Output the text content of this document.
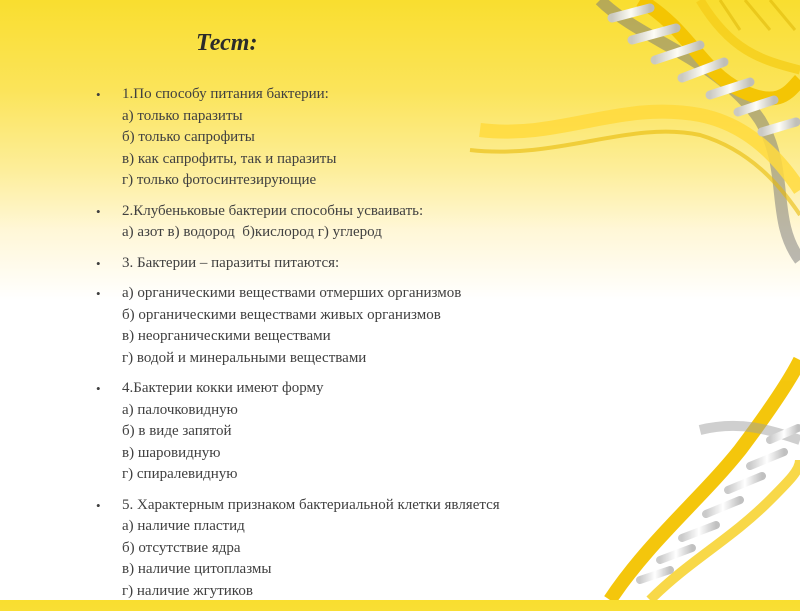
Тест:
•	1.По способу питания бактерии:
а) только паразиты
б) только сапрофиты
в) как сапрофиты, так и паразиты
г) только фотосинтезирующие
•	2.Клубеньковые бактерии способны усваивать:
а) азот в) водород  б)кислород г) углерод
•	3. Бактерии – паразиты питаются:
•	а) органическими веществами отмерших организмов
б) органическими веществами живых организмов
в) неорганическими веществами
г) водой и минеральными веществами
•	4.Бактерии кокки имеют форму
а) палочковидную
б) в виде запятой
в) шаровидную
г) спиралевидную
•	5. Характерным признаком бактериальной клетки является
а) наличие пластид
б) отсутствие ядра
в) наличие цитоплазмы
г) наличие жгутиков
